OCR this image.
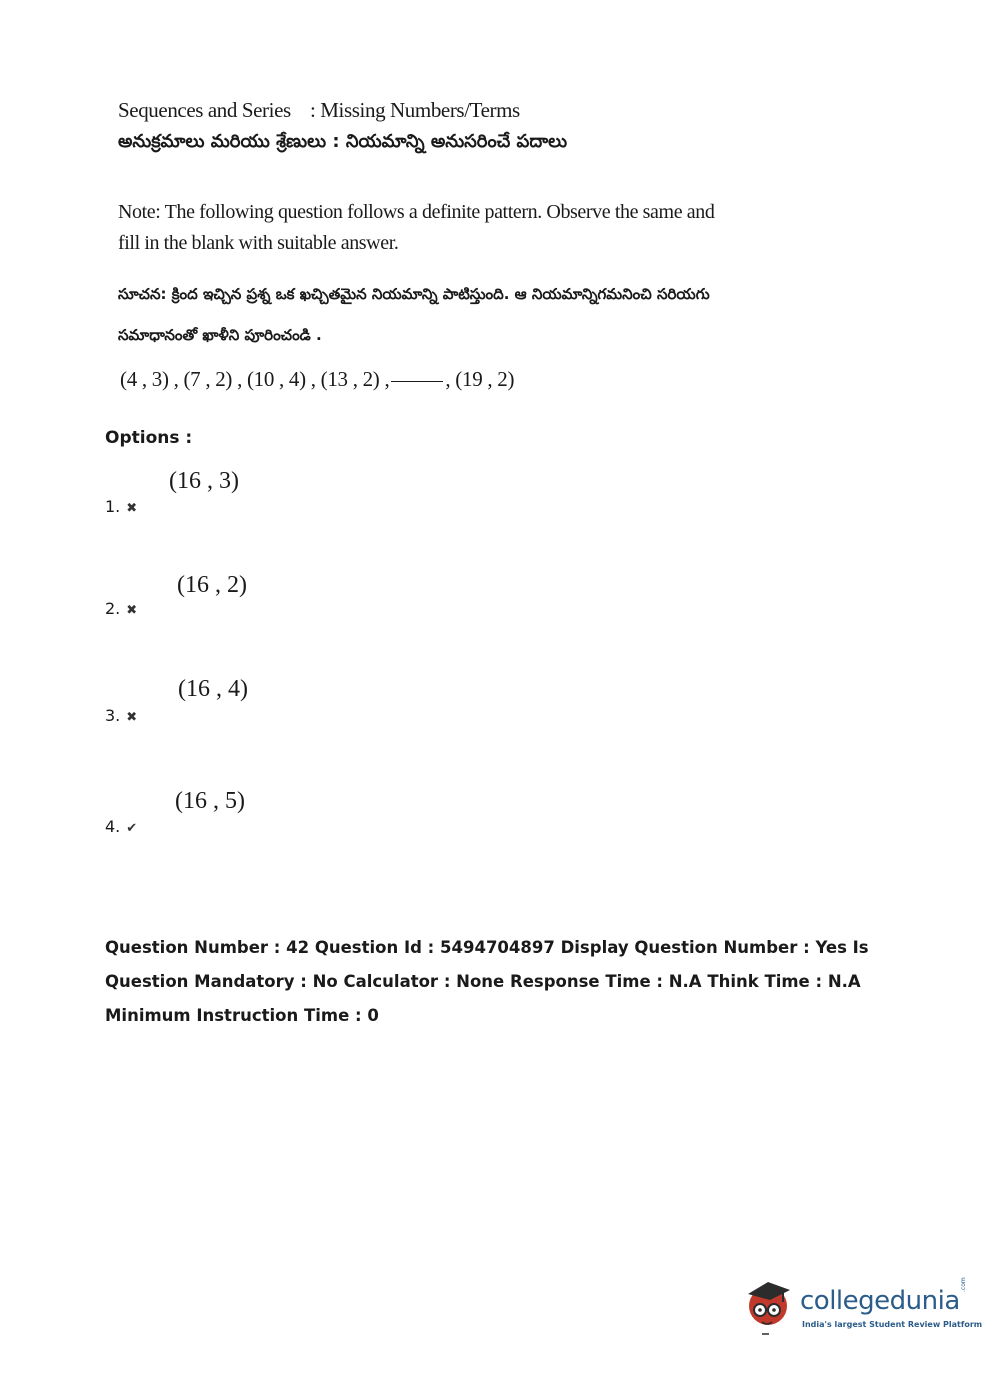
Sequences and Series : Missing Numbers/Terms
అనుక్రమాలు మరియు శ్రేణులు : నియమాన్ని అనుసరించే పదాలు
Note: The following question follows a definite pattern. Observe the same and fill in the blank with suitable answer.
సూచన: క్రింద ఇచ్చిన ప్రశ్న ఒక ఖచ్చితమైన నియమాన్ని పాటిస్తుంది. ఆ నియమాన్నిగమనించి సరియగు సమాధానంతో ఖాళీని పూరించండి .
(4 , 3) , (7 , 2) , (10 , 4) , (13 , 2) ,	, (19 , 2)
Options :
(16 , 3)
1. ✖
(16 , 2)
2. ✖
(16 , 4)
3. ✖
(16 , 5)
4. ✔
Question Number : 42 Question Id : 5494704897 Display Question Number : Yes Is Question Mandatory : No Calculator : None Response Time : N.A Think Time : N.A Minimum Instruction Time : 0
collegedunia
.com
India's largest Student Review Platform
